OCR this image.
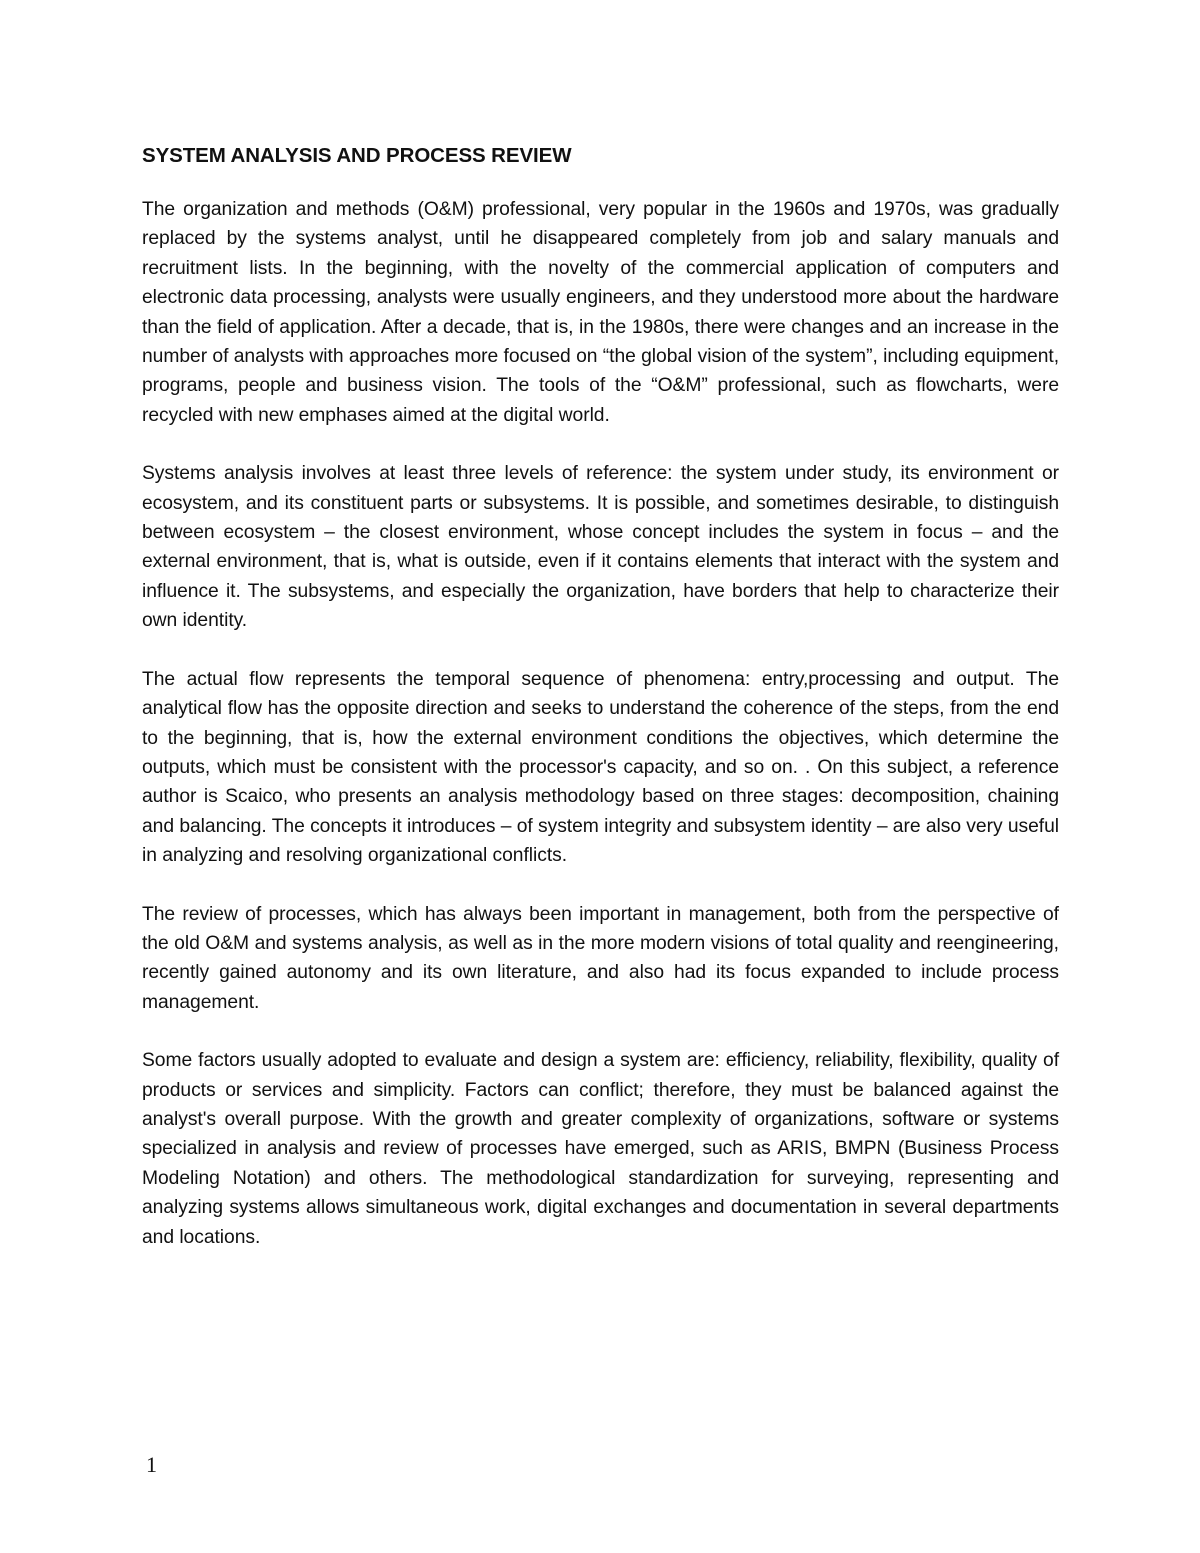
SYSTEM ANALYSIS AND PROCESS REVIEW

The organization and methods (O&M) professional, very popular in the 1960s and 1970s, was gradually replaced by the systems analyst, until he disappeared completely from job and salary manuals and recruitment lists. In the beginning, with the novelty of the commercial application of computers and electronic data processing, analysts were usually engineers, and they understood more about the hardware than the field of application. After a decade, that is, in the 1980s, there were changes and an increase in the number of analysts with approaches more focused on “the global vision of the system”, including equipment, programs, people and business vision. The tools of the “O&M” professional, such as flowcharts, were recycled with new emphases aimed at the digital world.

Systems analysis involves at least three levels of reference: the system under study, its environment or ecosystem, and its constituent parts or subsystems. It is possible, and sometimes desirable, to distinguish between ecosystem – the closest environment, whose concept includes the system in focus – and the external environment, that is, what is outside, even if it contains elements that interact with the system and influence it. The subsystems, and especially the organization, have borders that help to characterize their own identity.

The actual flow represents the temporal sequence of phenomena: entry,processing and output. The analytical flow has the opposite direction and seeks to understand the coherence of the steps, from the end to the beginning, that is, how the external environment conditions the objectives, which determine the outputs, which must be consistent with the processor's capacity, and so on. . On this subject, a reference author is Scaico, who presents an analysis methodology based on three stages: decomposition, chaining and balancing. The concepts it introduces – of system integrity and subsystem identity – are also very useful in analyzing and resolving organizational conflicts.

The review of processes, which has always been important in management, both from the perspective of the old O&M and systems analysis, as well as in the more modern visions of total quality and reengineering, recently gained autonomy and its own literature, and also had its focus expanded to include process management.

Some factors usually adopted to evaluate and design a system are: efficiency, reliability, flexibility, quality of products or services and simplicity. Factors can conflict; therefore, they must be balanced against the analyst's overall purpose. With the growth and greater complexity of organizations, software or systems specialized in analysis and review of processes have emerged, such as ARIS, BMPN (Business Process Modeling Notation) and others. The methodological standardization for surveying, representing and analyzing systems allows simultaneous work, digital exchanges and documentation in several departments and locations.

1
